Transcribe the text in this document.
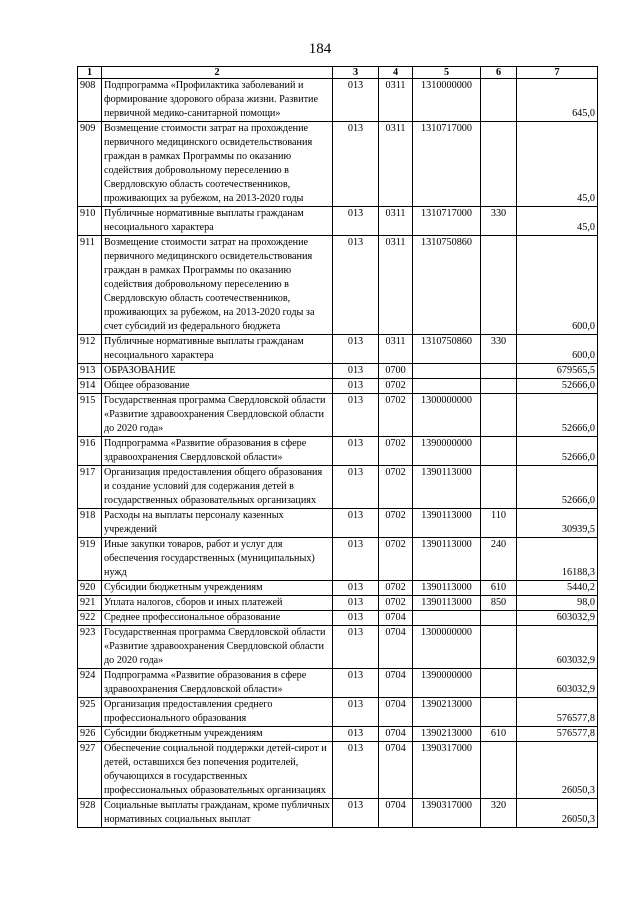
184
1	2	3	4	5	6	7
908	Подпрограмма «Профилактика заболеваний и формирование здорового образа жизни. Развитие первичной медико-санитарной помощи»	013	0311	1310000000		645,0
909	Возмещение стоимости затрат на прохождение первичного медицинского освидетельствования граждан в рамках Программы по оказанию содействия добровольному переселению в Свердловскую область соотечественников, проживающих за рубежом, на 2013-2020 годы	013	0311	1310717000		45,0
910	Публичные нормативные выплаты гражданам несоциального характера	013	0311	1310717000	330	45,0
911	Возмещение стоимости затрат на прохождение первичного медицинского освидетельствования граждан в рамках Программы по оказанию содействия добровольному переселению в Свердловскую область соотечественников, проживающих за рубежом, на 2013-2020 годы за счет субсидий из федерального бюджета	013	0311	1310750860		600,0
912	Публичные нормативные выплаты гражданам несоциального характера	013	0311	1310750860	330	600,0
913	ОБРАЗОВАНИЕ	013	0700			679565,5
914	Общее образование	013	0702			52666,0
915	Государственная программа Свердловской области «Развитие здравоохранения Свердловской области до 2020 года»	013	0702	1300000000		52666,0
916	Подпрограмма «Развитие образования в сфере здравоохранения Свердловской области»	013	0702	1390000000		52666,0
917	Организация предоставления общего образования и создание условий для содержания детей в государственных образовательных организациях	013	0702	1390113000		52666,0
918	Расходы на выплаты персоналу казенных учреждений	013	0702	1390113000	110	30939,5
919	Иные закупки товаров, работ и услуг для обеспечения государственных (муниципальных) нужд	013	0702	1390113000	240	16188,3
920	Субсидии бюджетным учреждениям	013	0702	1390113000	610	5440,2
921	Уплата налогов, сборов и иных платежей	013	0702	1390113000	850	98,0
922	Среднее профессиональное образование	013	0704			603032,9
923	Государственная программа Свердловской области «Развитие здравоохранения Свердловской области до 2020 года»	013	0704	1300000000		603032,9
924	Подпрограмма «Развитие образования в сфере здравоохранения Свердловской области»	013	0704	1390000000		603032,9
925	Организация предоставления среднего профессионального образования	013	0704	1390213000		576577,8
926	Субсидии бюджетным учреждениям	013	0704	1390213000	610	576577,8
927	Обеспечение социальной поддержки детей-сирот и детей, оставшихся без попечения родителей, обучающихся в государственных профессиональных образовательных организациях	013	0704	1390317000		26050,3
928	Социальные выплаты гражданам, кроме публичных нормативных социальных выплат	013	0704	1390317000	320	26050,3
